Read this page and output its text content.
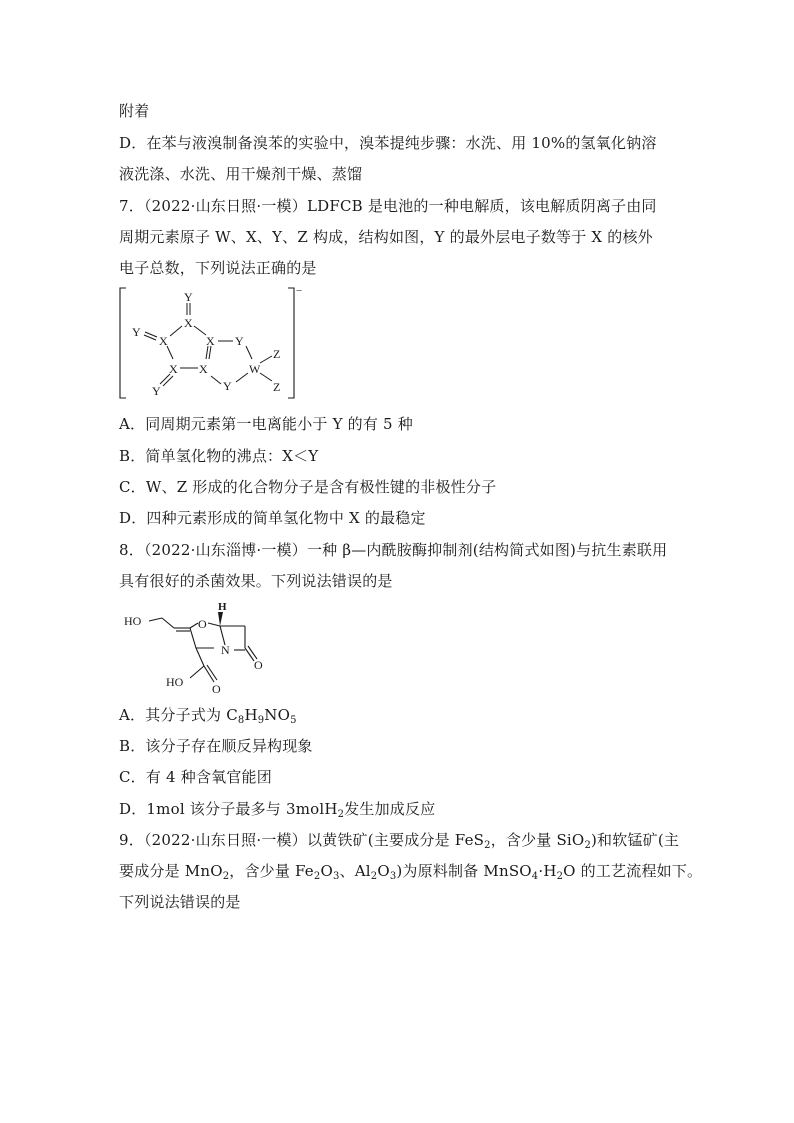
附着
D．在苯与液溴制备溴苯的实验中，溴苯提纯步骤：水洗、用 10%的氢氧化钠溶
液洗涤、水洗、用干燥剂干燥、蒸馏
7．（2022·山东日照·一模）LDFCB 是电池的一种电解质，该电解质阴离子由同
周期元素原子 W、X、Y、Z 构成，结构如图，Y 的最外层电子数等于 X 的核外
电子总数，下列说法正确的是
−
Y
X
Y
X	X Y
X X	W
Z
Z
Y	Y
A．同周期元素第一电离能小于 Y 的有 5 种
B．简单氢化物的沸点：X＜Y
C．W、Z 形成的化合物分子是含有极性键的非极性分子
D．四种元素形成的简单氢化物中 X 的最稳定
8．（2022·山东淄博·一模）一种 β—内酰胺酶抑制剂(结构简式如图)与抗生素联用
具有很好的杀菌效果。下列说法错误的是
HO	O
H
N
O
HO O
A．其分子式为 $C_8H_9NO_5$
B．该分子存在顺反异构现象
C．有 4 种含氧官能团
D．1mol 该分子最多与 3molH$_2$发生加成反应
9．（2022·山东日照·一模）以黄铁矿(主要成分是 FeS$_2$，含少量 SiO$_2$)和软锰矿(主
要成分是 MnO$_2$，含少量 $Fe_2O_3$、$Al_2O_3$)为原料制备 $MnSO_4\cdot H_2O$ 的工艺流程如下。
下列说法错误的是
